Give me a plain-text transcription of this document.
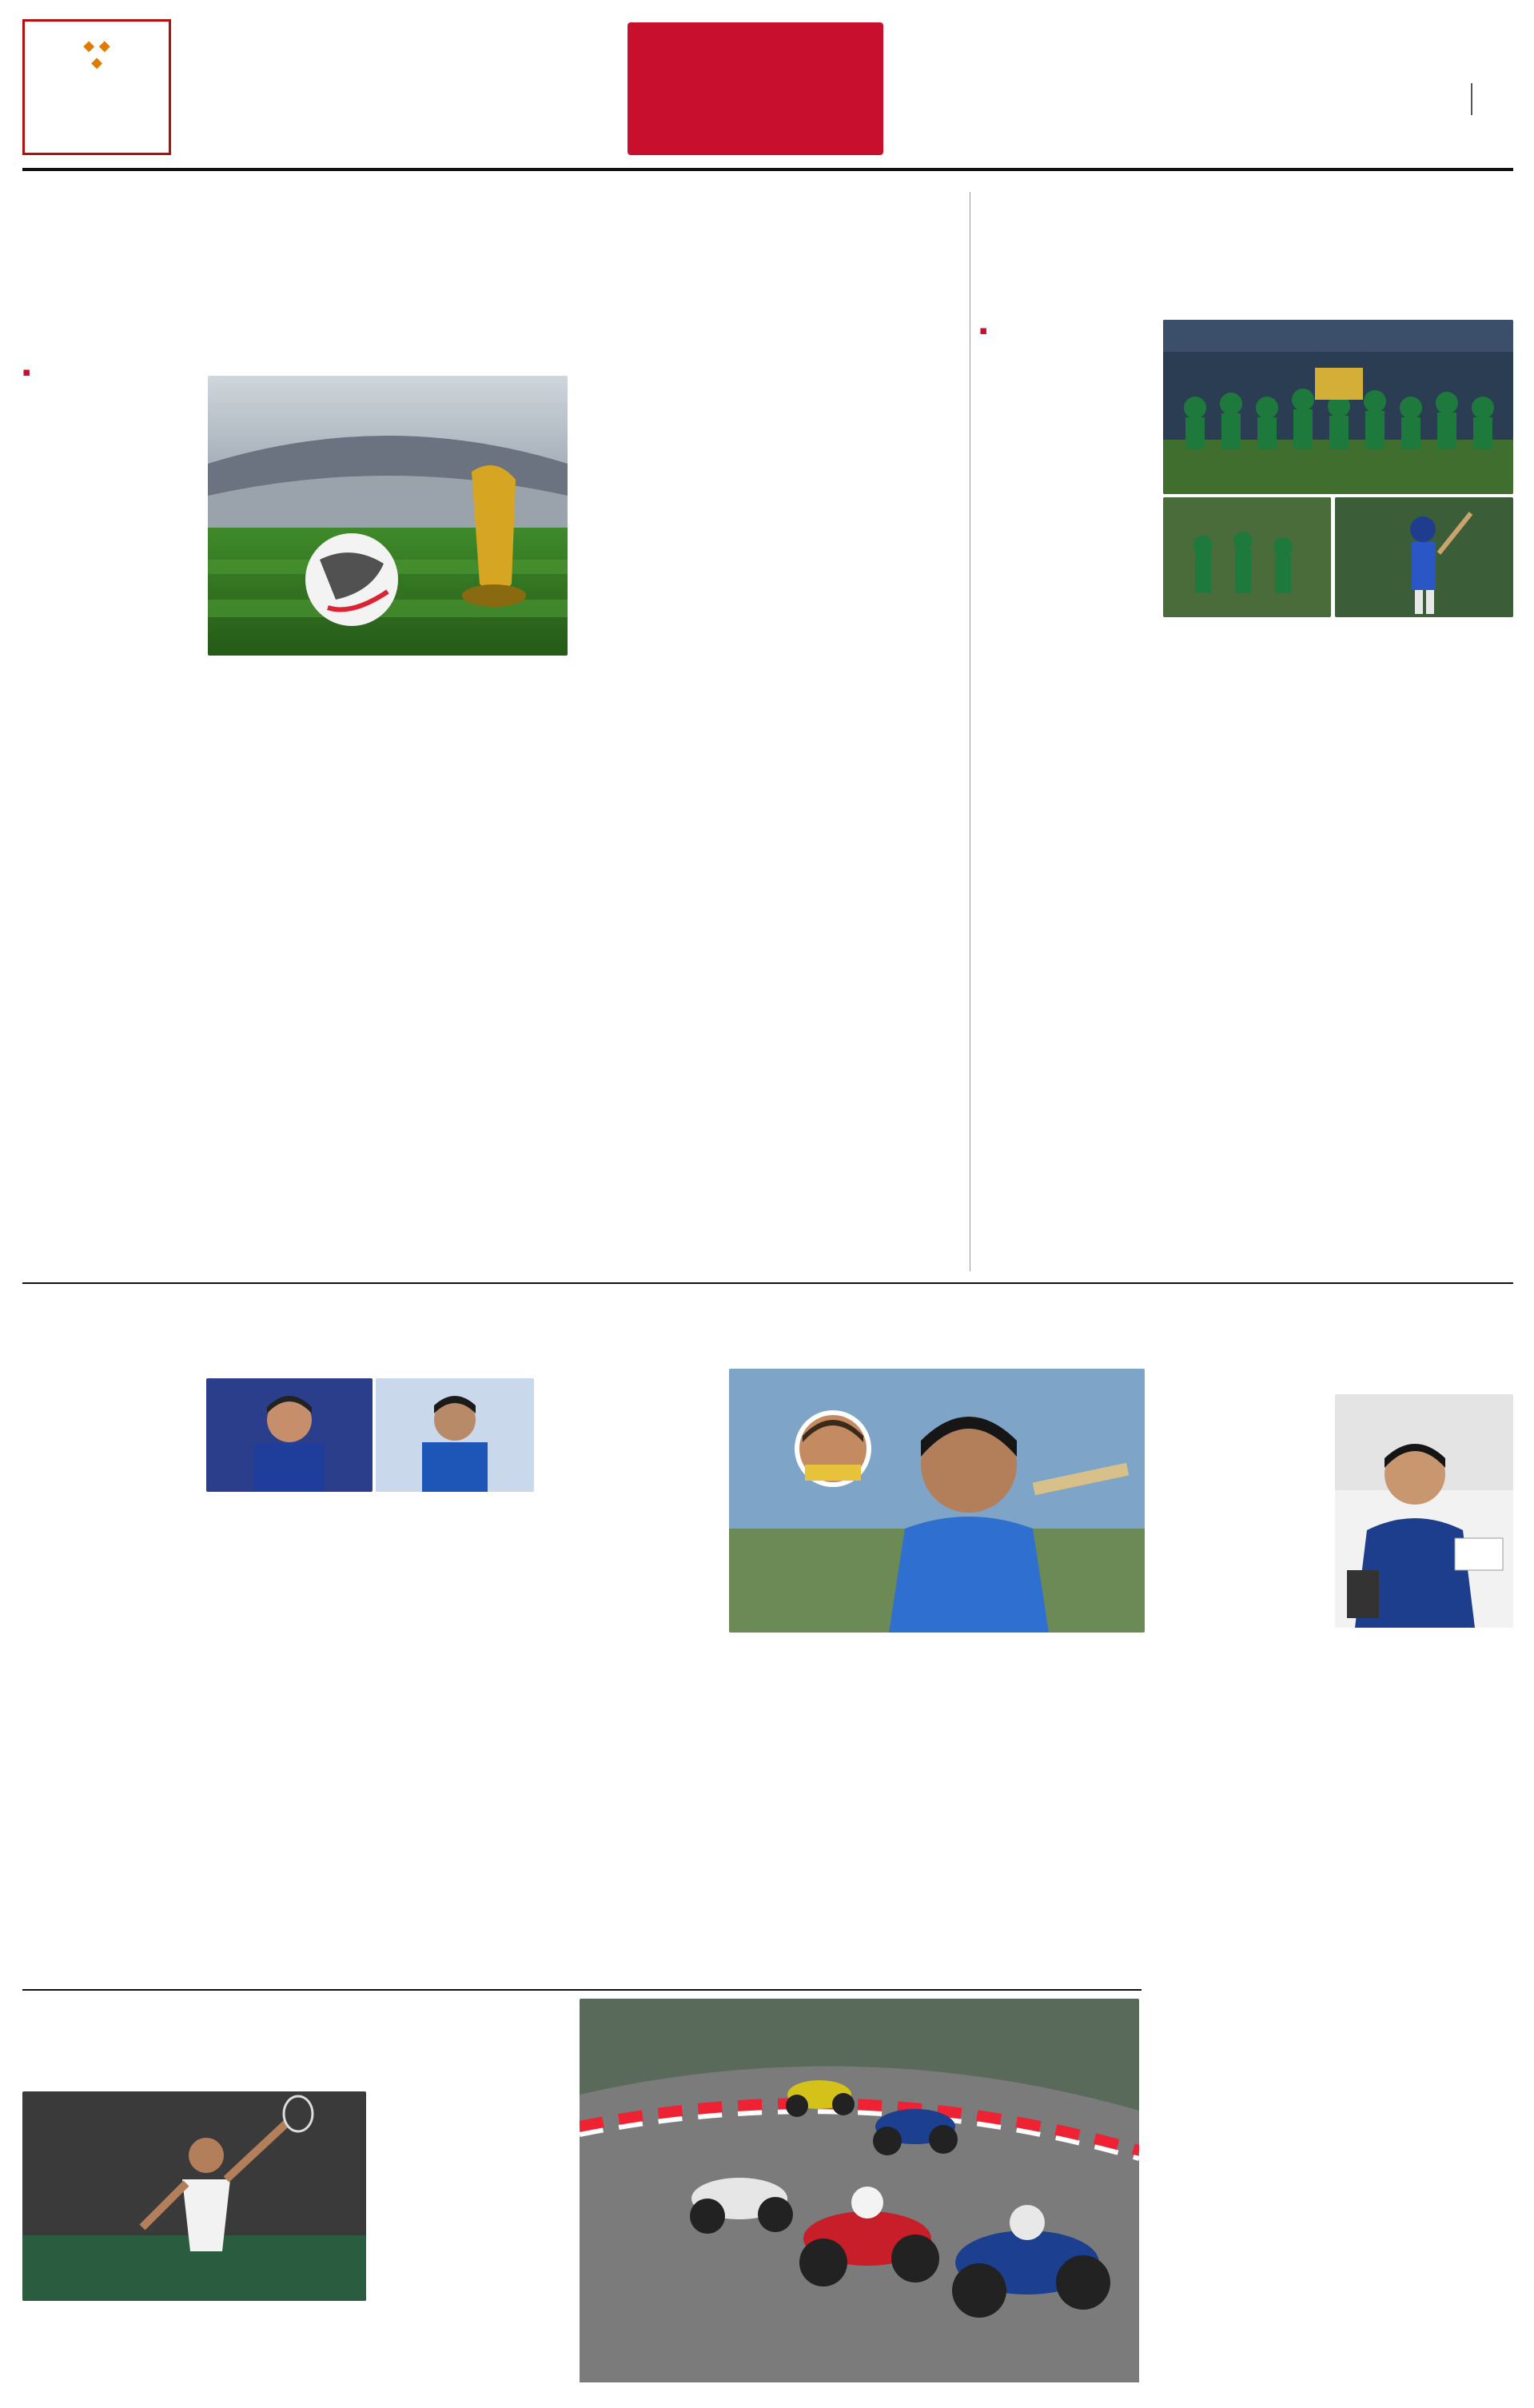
◆ ◆
◆

▪

▪
